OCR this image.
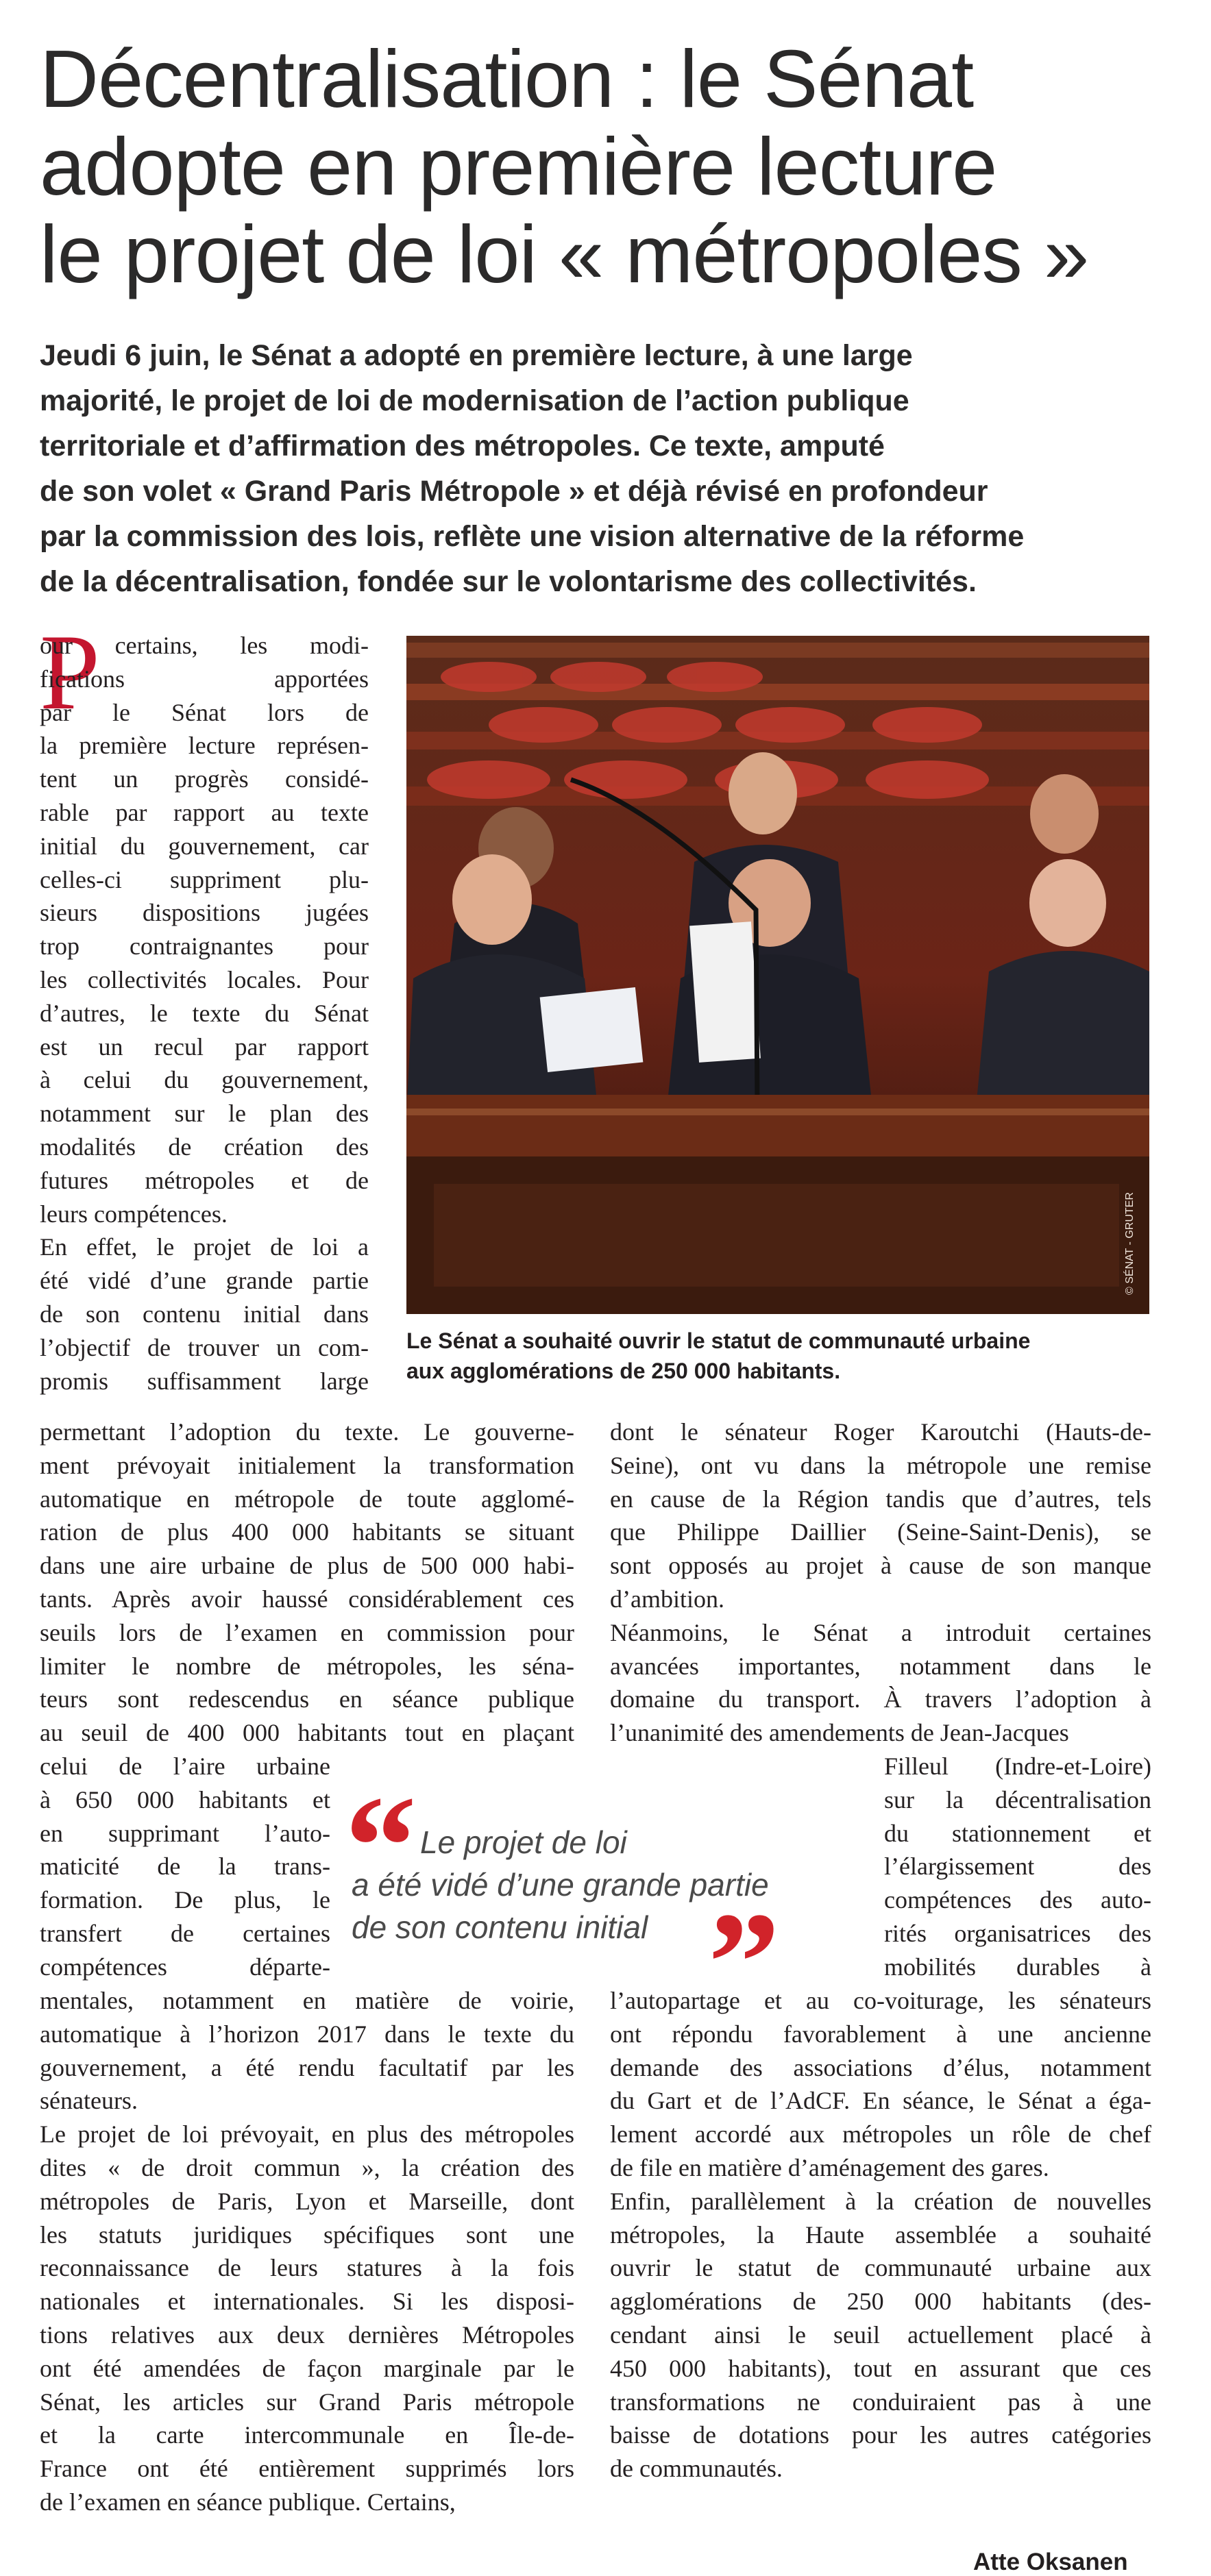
Décentralisation : le Sénat
adopte en première lecture
le projet de loi « métropoles »

Jeudi 6 juin, le Sénat a adopté en première lecture, à une large
majorité, le projet de loi de modernisation de l’action publique
territoriale et d’affirmation des métropoles. Ce texte, amputé
de son volet « Grand Paris Métropole » et déjà révisé en profondeur
par la commission des lois, reflète une vision alternative de la réforme
de la décentralisation, fondée sur le volontarisme des collectivités.

P
our certains, les modi-
fications apportées
par le Sénat lors de
la première lecture représen-
tent un progrès considé-
rable par rapport au texte
initial du gouvernement, car
celles-ci suppriment plu-
sieurs dispositions jugées
trop contraignantes pour
les collectivités locales. Pour
d’autres, le texte du Sénat
est un recul par rapport
à celui du gouvernement,
notamment sur le plan des
modalités de création des
futures métropoles et de
leurs compétences.
En effet, le projet de loi a
été vidé d’une grande partie
de son contenu initial dans
l’objectif de trouver un com-
promis suffisamment large
© SÉNAT - GRUTER

Le Sénat a souhaité ouvrir le statut de communauté urbaine
aux agglomérations de 250 000 habitants.

permettant l’adoption du texte. Le gouverne-
ment prévoyait initialement la transformation
automatique en métropole de toute agglomé-
ration de plus 400 000 habitants se situant
dans une aire urbaine de plus de 500 000 habi-
tants. Après avoir haussé considérablement ces
seuils lors de l’examen en commission pour
limiter le nombre de métropoles, les séna-
teurs sont redescendus en séance publique
au seuil de 400 000 habitants tout en plaçant
celui de l’aire urbaine
à 650 000 habitants et
en supprimant l’auto-
maticité de la trans-
formation. De plus, le
transfert de certaines
compétences départe-
mentales, notamment en matière de voirie,
automatique à l’horizon 2017 dans le texte du
gouvernement, a été rendu facultatif par les
sénateurs.
Le projet de loi prévoyait, en plus des métropoles
dites « de droit commun », la création des
métropoles de Paris, Lyon et Marseille, dont
les statuts juridiques spécifiques sont une
reconnaissance de leurs statures à la fois
nationales et internationales. Si les disposi-
tions relatives aux deux dernières Métropoles
ont été amendées de façon marginale par le
Sénat, les articles sur Grand Paris métropole
et la carte intercommunale en Île-de-
France ont été entièrement supprimés lors
de l’examen en séance publique. Certains,
dont le sénateur Roger Karoutchi (Hauts-de-
Seine), ont vu dans la métropole une remise
en cause de la Région tandis que d’autres, tels
que Philippe Daillier (Seine-Saint-Denis), se
sont opposés au projet à cause de son manque
d’ambition.
Néanmoins, le Sénat a introduit certaines
avancées importantes, notamment dans le
domaine du transport. À travers l’adoption à
l’unanimité des amendements de Jean-Jacques
Filleul (Indre-et-Loire)
sur la décentralisation
du stationnement et
l’élargissement des
compétences des auto-
rités organisatrices des
mobilités durables à
l’autopartage et au co-voiturage, les sénateurs
ont répondu favorablement à une ancienne
demande des associations d’élus, notamment
du Gart et de l’AdCF. En séance, le Sénat a éga-
lement accordé aux métropoles un rôle de chef
de file en matière d’aménagement des gares.
Enfin, parallèlement à la création de nouvelles
métropoles, la Haute assemblée a souhaité
ouvrir le statut de communauté urbaine aux
agglomérations de 250 000 habitants (des-
cendant ainsi le seuil actuellement placé à
450 000 habitants), tout en assurant que ces
transformations ne conduiraient pas à une
baisse de dotations pour les autres catégories
de communautés.
“ Le projet de loi
a été vidé d’une grande partie
de son contenu initial ”

Atte Oksanen
